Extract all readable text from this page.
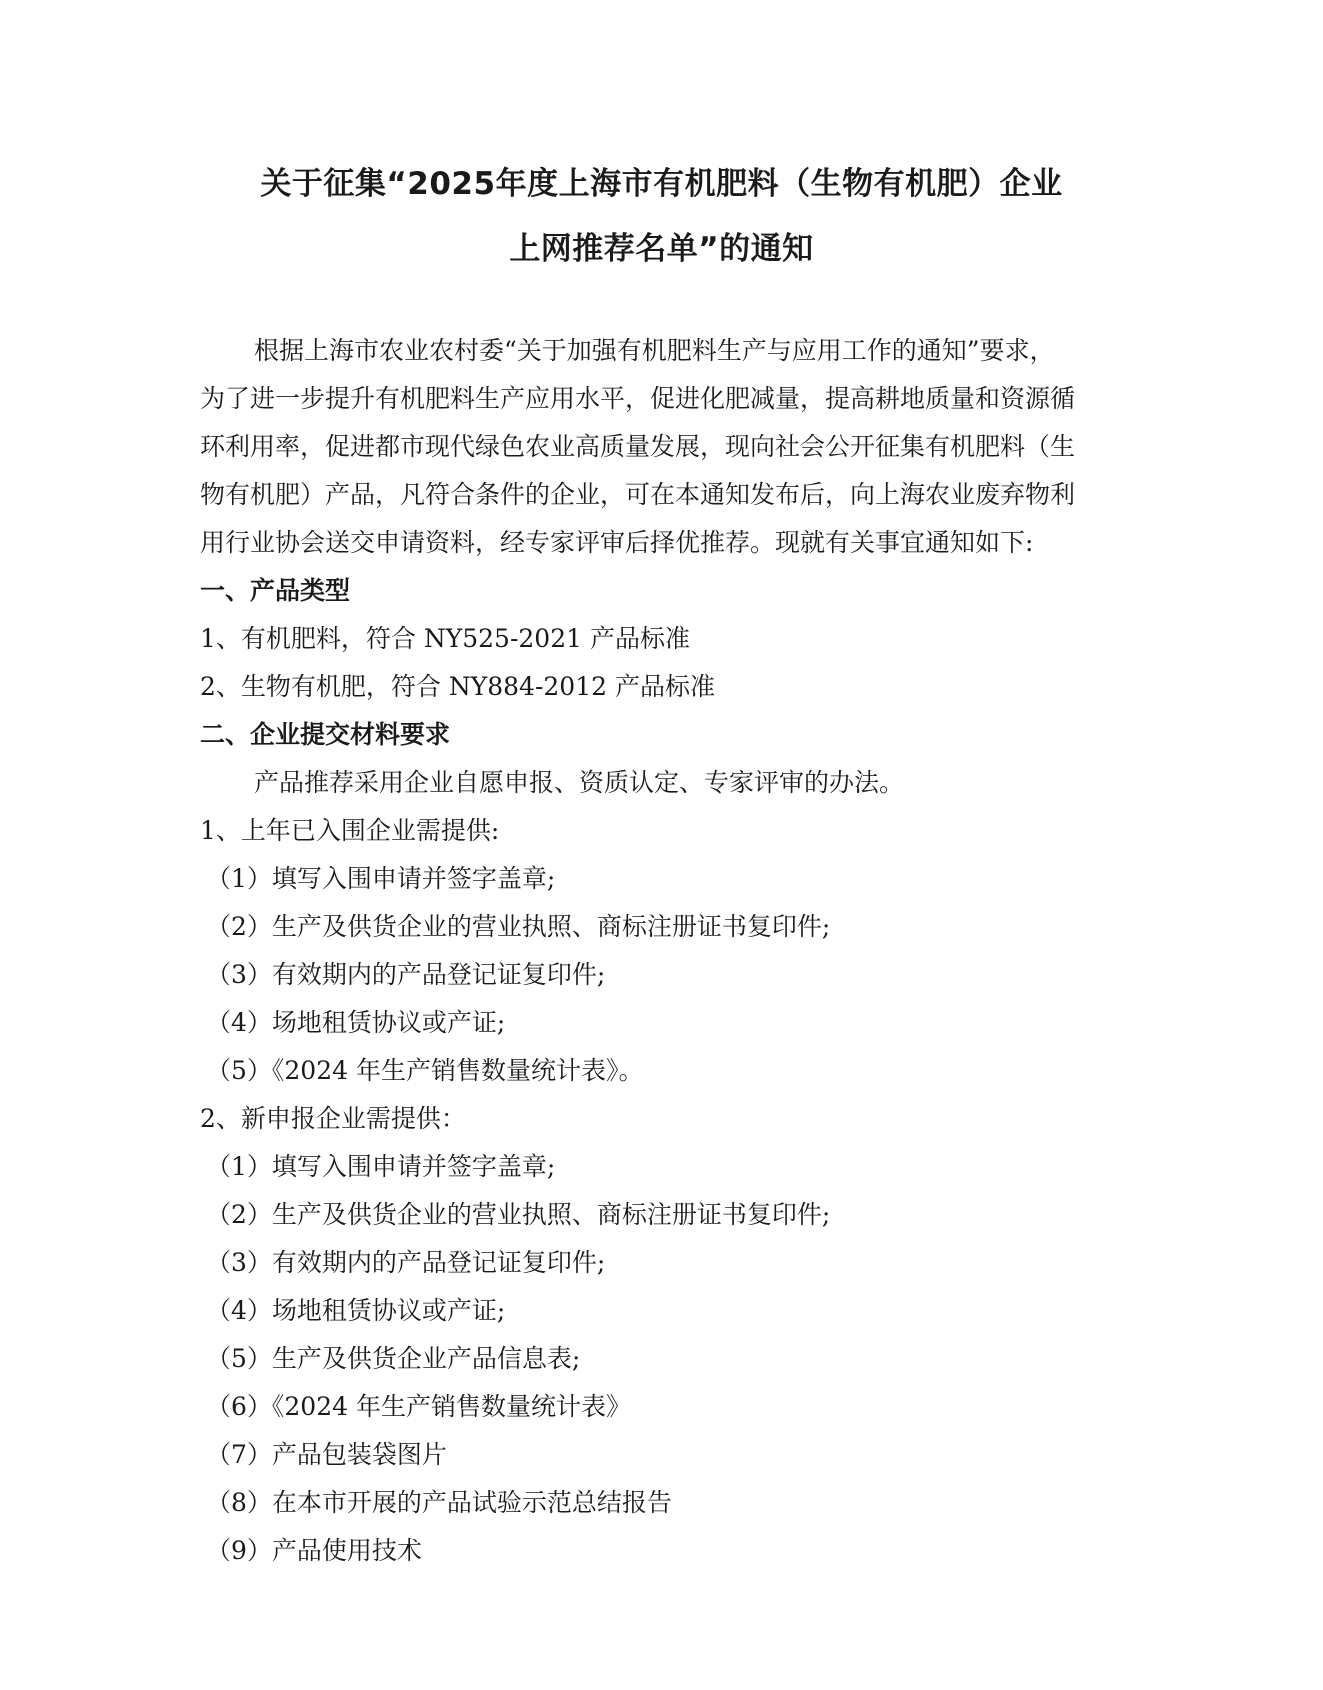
关于征集“2025年度上海市有机肥料（生物有机肥）企业
上网推荐名单”的通知
根据上海市农业农村委“关于加强有机肥料生产与应用工作的通知”要求，
为了进一步提升有机肥料生产应用水平，促进化肥减量，提高耕地质量和资源循
环利用率，促进都市现代绿色农业高质量发展，现向社会公开征集有机肥料（生
物有机肥）产品，凡符合条件的企业，可在本通知发布后，向上海农业废弃物利
用行业协会送交申请资料，经专家评审后择优推荐。现就有关事宜通知如下:
一、产品类型
1、有机肥料，符合 NY525-2021 产品标准
2、生物有机肥，符合 NY884-2012 产品标准
二、企业提交材料要求
产品推荐采用企业自愿申报、资质认定、专家评审的办法。
1、上年已入围企业需提供:
（1）填写入围申请并签字盖章;
（2）生产及供货企业的营业执照、商标注册证书复印件;
（3）有效期内的产品登记证复印件;
（4）场地租赁协议或产证;
（5）《2024 年生产销售数量统计表》。
2、新申报企业需提供：
（1）填写入围申请并签字盖章;
（2）生产及供货企业的营业执照、商标注册证书复印件;
（3）有效期内的产品登记证复印件;
（4）场地租赁协议或产证;
（5）生产及供货企业产品信息表;
（6）《2024 年生产销售数量统计表》
（7）产品包装袋图片
（8）在本市开展的产品试验示范总结报告
（9）产品使用技术
